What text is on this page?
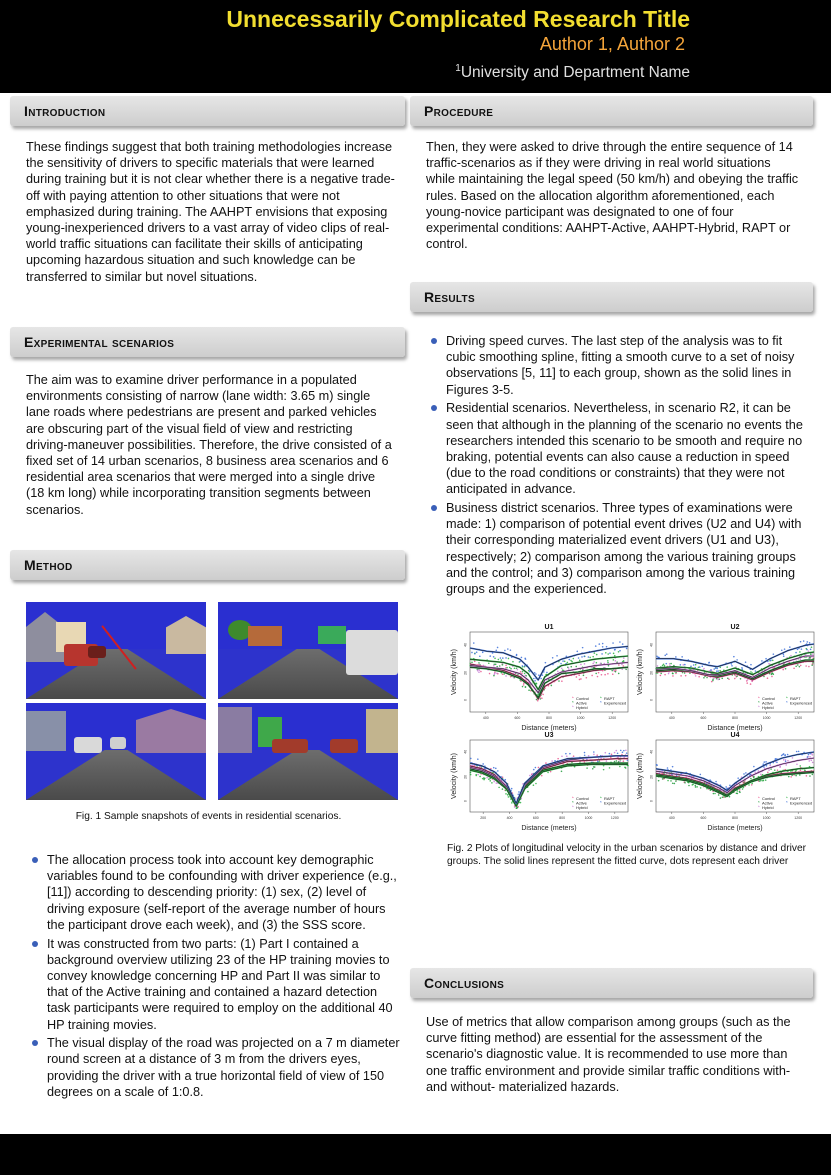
Unnecessarily Complicated Research Title
Author 1, Author 2
$^1$University and Department Name
Introduction

These findings suggest that both training methodologies increase the sensitivity of drivers to specific materials that were learned during training but it is not clear whether there is a negative trade-off with paying attention to other situations that were not emphasized during training. The AAHPT envisions that exposing young-inexperienced drivers to a vast array of video clips of real-world traffic situations can facilitate their skills of anticipating upcoming hazardous situation and such knowledge can be transferred to similar but novel situations.

Experimental scenarios

The aim was to examine driver performance in a populated environments consisting of narrow (lane width: 3.65 m) single lane roads where pedestrians are present and parked vehicles are obscuring part of the visual field of view and restricting driving-maneuver possibilities. Therefore, the drive consisted of a fixed set of 14 urban scenarios, 8 business area scenarios and 6 residential area scenarios that were merged into a single drive (18 km long) while incorporating transition segments between scenarios.

Method
Fig. 1 Sample snapshots of events in residential scenarios.
The allocation process took into account key demographic variables found to be confounding with driver experience (e.g., [11]) according to descending priority: (1) sex, (2) level of driving exposure (self-report of the average number of hours the participant drove each week), and (3) the SSS score.
It was constructed from two parts: (1) Part I contained a background overview utilizing 23 of the HP training movies to convey knowledge concerning HP and Part II was similar to that of the Active training and contained a hazard detection task participants were required to employ on the additional 40 HP training movies.
The visual display of the road was projected on a 7 m diameter round screen at a distance of 3 m from the drivers eyes, providing the driver with a true horizontal field of view of 150 degrees on a scale of 1:0.8.
Procedure

Then, they were asked to drive through the entire sequence of 14 traffic-scenarios as if they were driving in real world situations while maintaining the legal speed (50 km/h) and obeying the traffic rules. Based on the allocation algorithm aforementioned, each young-novice participant was designated to one of four experimental conditions: AAHPT-Active, AAHPT-Hybrid, RAPT or control.

Results
Driving speed curves. The last step of the analysis was to fit cubic smoothing spline, fitting a smooth curve to a set of noisy observations [5, 11] to each group, shown as the solid lines in Figures 3-5.
Residential scenarios. Nevertheless, in scenario R2, it can be seen that although in the planning of the scenario no events the researchers intended this scenario to be smooth and require no braking, potential events can also cause a reduction in speed (due to the road conditions or constraints) that they were not anticipated in advance.
Business district scenarios. Three types of examinations were made: 1) comparison of potential event drives (U2 and U4) with their corresponding materialized event drivers (U1 and U3), respectively; 2) comparison among the various training groups and the control; and 3) comparison among the various training groups and the experienced.
U1
400	600	800	1000	1200
0
20
40
Distance (meters)
Velocity (km/h)
* Control
* Active
* Hybrid
* RAPT
* Experienced
U2
400	600	800	1000	1200
0
20
40
Distance (meters)
Velocity (km/h)
* Control
* Active
* Hybrid
* RAPT
* Experienced
U3
200	400	600	800	1000	1200
0
20
40
Distance (meters)
Velocity (km/h)	* Control
* Active
* Hybrid
* RAPT
* Experienced
U4
400	600	800	1000	1200
0
20
40
Distance (meters)
Velocity (km/h)	* Control
* Active
* Hybrid
* RAPT
* Experienced
Fig. 2 Plots of longitudinal velocity in the urban scenarios by distance and driver groups. The solid lines represent the fitted curve, dots represent each driver
Conclusions

Use of metrics that allow comparison among groups (such as the curve fitting method) are essential for the assessment of the scenario's diagnostic value. It is recommended to use more than one traffic environment and provide similar traffic conditions with- and without- materialized hazards.
